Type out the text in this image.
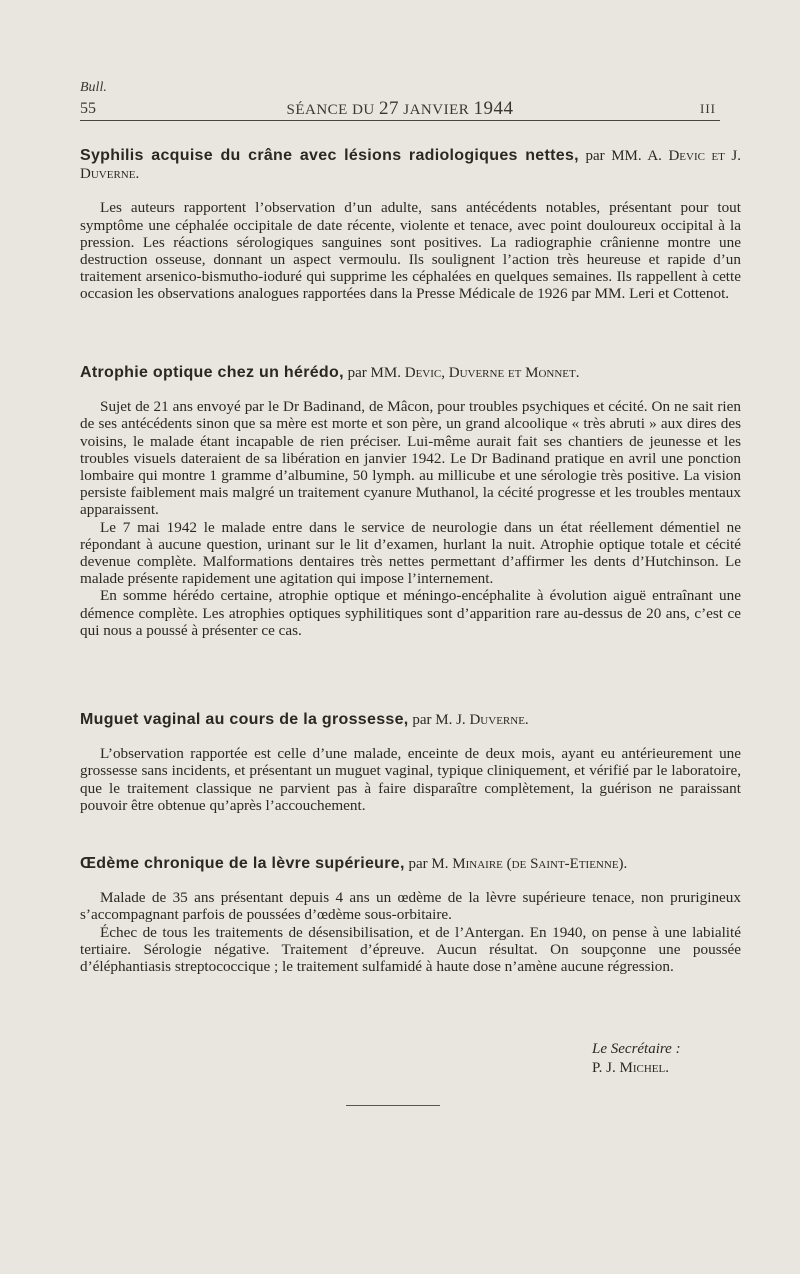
Bull.
55	SÉANCE DU 27 JANVIER 1944	III

Syphilis acquise du crâne avec lésions radiologiques nettes, par MM. A. Devic et J. Duverne.

Les auteurs rapportent l’observation d’un adulte, sans antécédents notables, présentant pour tout symptôme une céphalée occipitale de date récente, violente et tenace, avec point douloureux occipital à la pression. Les réactions sérologiques sanguines sont positives. La radiographie crânienne montre une destruction osseuse, donnant un aspect vermoulu. Ils soulignent l’action très heureuse et rapide d’un traitement arsenico-bismutho-ioduré qui supprime les céphalées en quelques semaines. Ils rappellent à cette occasion les observations analogues rapportées dans la Presse Médicale de 1926 par MM. Leri et Cottenot.

Atrophie optique chez un hérédo, par MM. Devic, Duverne et Monnet.

Sujet de 21 ans envoyé par le Dr Badinand, de Mâcon, pour troubles psychiques et cécité. On ne sait rien de ses antécédents sinon que sa mère est morte et son père, un grand alcoolique « très abruti » aux dires des voisins, le malade étant incapable de rien préciser. Lui-même aurait fait ses chantiers de jeunesse et les troubles visuels dateraient de sa libération en janvier 1942. Le Dr Badinand pratique en avril une ponction lombaire qui montre 1 gramme d’albumine, 50 lymph. au millicube et une sérologie très positive. La vision persiste faiblement mais malgré un traitement cyanure Muthanol, la cécité progresse et les troubles mentaux apparaissent.

Le 7 mai 1942 le malade entre dans le service de neurologie dans un état réellement démentiel ne répondant à aucune question, urinant sur le lit d’examen, hurlant la nuit. Atrophie optique totale et cécité devenue complète. Malformations dentaires très nettes permettant d’affirmer les dents d’Hutchinson. Le malade présente rapidement une agitation qui impose l’internement.

En somme hérédo certaine, atrophie optique et méningo-encéphalite à évolution aiguë entraînant une démence complète. Les atrophies optiques syphilitiques sont d’apparition rare au-dessus de 20 ans, c’est ce qui nous a poussé à présenter ce cas.

Muguet vaginal au cours de la grossesse, par M. J. Duverne.

L’observation rapportée est celle d’une malade, enceinte de deux mois, ayant eu antérieurement une grossesse sans incidents, et présentant un muguet vaginal, typique cliniquement, et vérifié par le laboratoire, que le traitement classique ne parvient pas à faire disparaître complètement, la guérison ne paraissant pouvoir être obtenue qu’après l’accouchement.

Œdème chronique de la lèvre supérieure, par M. Minaire (de Saint-Etienne).

Malade de 35 ans présentant depuis 4 ans un œdème de la lèvre supérieure tenace, non prurigineux s’accompagnant parfois de poussées d’œdème sous-orbitaire.

Échec de tous les traitements de désensibilisation, et de l’Antergan. En 1940, on pense à une labialité tertiaire. Sérologie négative. Traitement d’épreuve. Aucun résultat. On soupçonne une poussée d’éléphantiasis streptococcique ; le traitement sulfamidé à haute dose n’amène aucune régression.

Le Secrétaire :
P. J. Michel.
